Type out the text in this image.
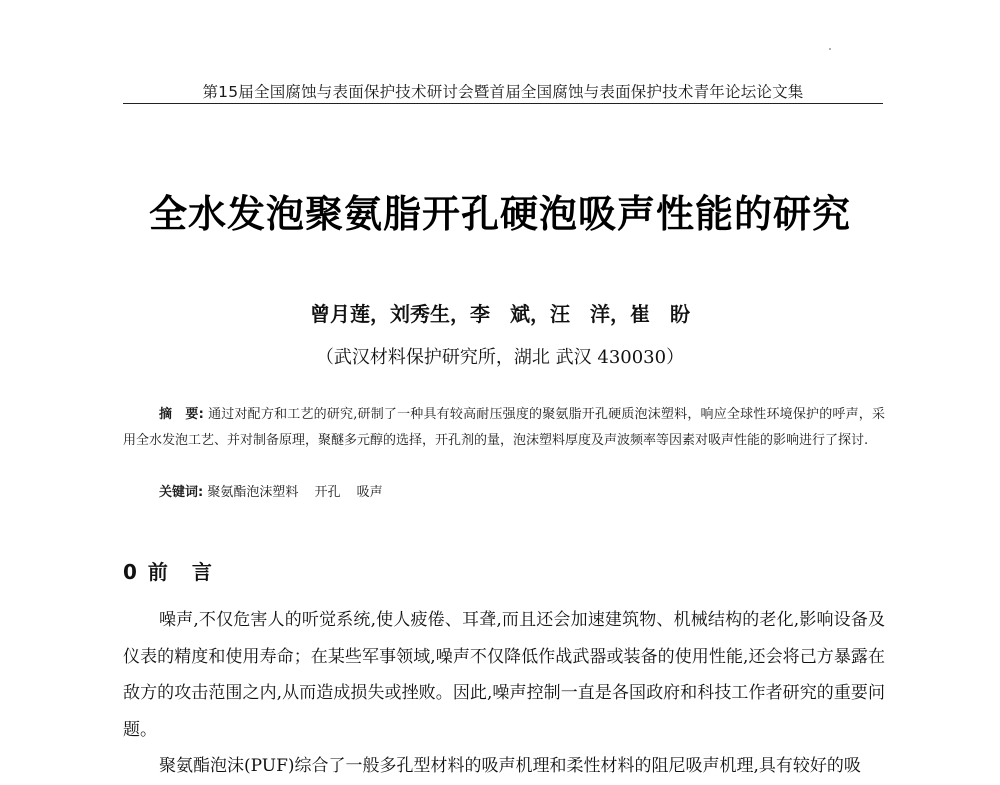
第15届全国腐蚀与表面保护技术研讨会暨首届全国腐蚀与表面保护技术青年论坛论文集
全水发泡聚氨脂开孔硬泡吸声性能的研究
曾月莲，刘秀生，李　斌，汪　洋，崔　盼
（武汉材料保护研究所，湖北 武汉 430030）
摘　要: 通过对配方和工艺的研究,研制了一种具有较高耐压强度的聚氨脂开孔硬质泡沫塑料，响应全球性环境保护的呼声，采用全水发泡工艺、并对制备原理，聚醚多元醇的选择，开孔剂的量，泡沫塑料厚度及声波频率等因素对吸声性能的影响进行了探讨.
关键词: 聚氨酯泡沫塑料 开孔 吸声
0 前　言

噪声,不仅危害人的听觉系统,使人疲倦、耳聋,而且还会加速建筑物、机械结构的老化,影响设备及仪表的精度和使用寿命；在某些军事领域,噪声不仅降低作战武器或装备的使用性能,还会将己方暴露在敌方的攻击范围之内,从而造成损失或挫败。因此,噪声控制一直是各国政府和科技工作者研究的重要问题。

聚氨酯泡沫(PUF)综合了一般多孔型材料的吸声机理和柔性材料的阻尼吸声机理,具有较好的吸
